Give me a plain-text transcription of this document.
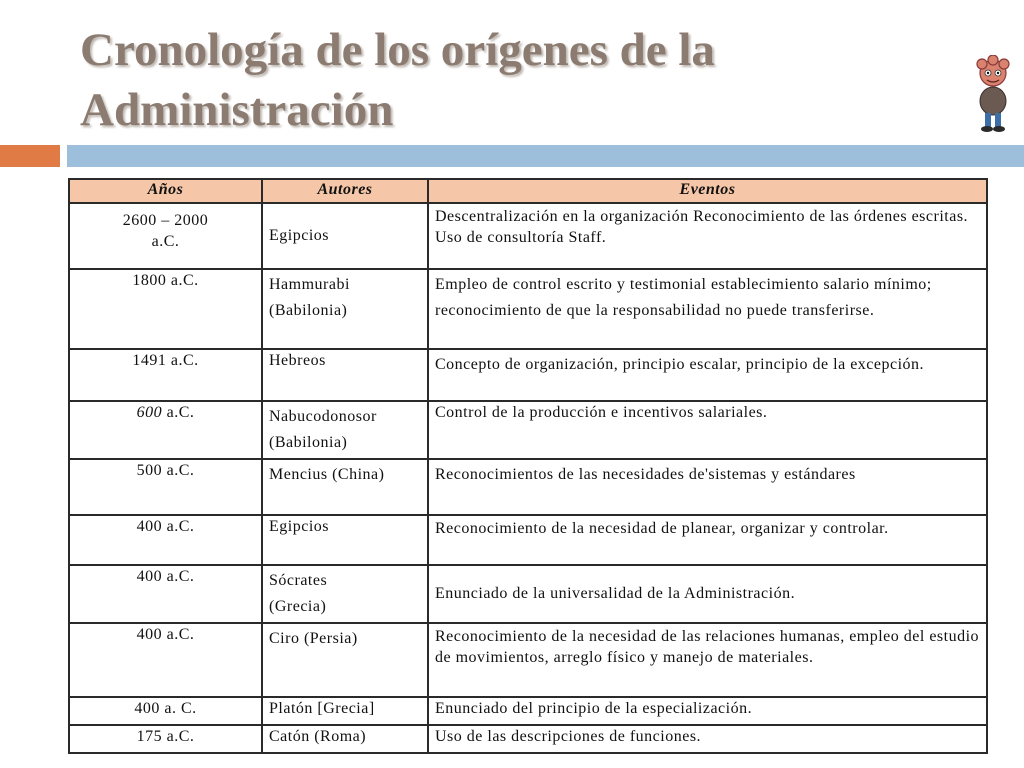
Cronología de los orígenes de la Administración
Años	Autores	Eventos
2600 – 2000 a.C.	Egipcios	Descentralización en la organización Reconocimiento de las órdenes escritas.
Uso de consultoría Staff.
1800 a.C.	Hammurabi (Babilonia)	Empleo de control escrito y testimonial establecimiento salario mínimo; reconocimiento de que la responsabilidad no puede transferirse.
1491 a.C.	Hebreos	Concepto de organización, principio escalar, principio de la excepción.
600 a.C.	Nabucodonosor (Babilonia)	Control de la producción e incentivos salariales.
500 a.C.	Mencius (China)	Reconocimientos de las necesidades de'sistemas y estándares
400 a.C.	Egipcios	Reconocimiento de la necesidad de planear, organizar y controlar.
400 a.C.	Sócrates (Grecia)	Enunciado de la universalidad de la Administración.
400 a.C.	Ciro (Persia)	Reconocimiento de la necesidad de las relaciones humanas, empleo del estudio de movimientos, arreglo físico y manejo de materiales.
400 a. C.	Platón [Grecia]	Enunciado del principio de la especialización.
175 a.C.	Catón (Roma)	Uso de las descripciones de funciones.
